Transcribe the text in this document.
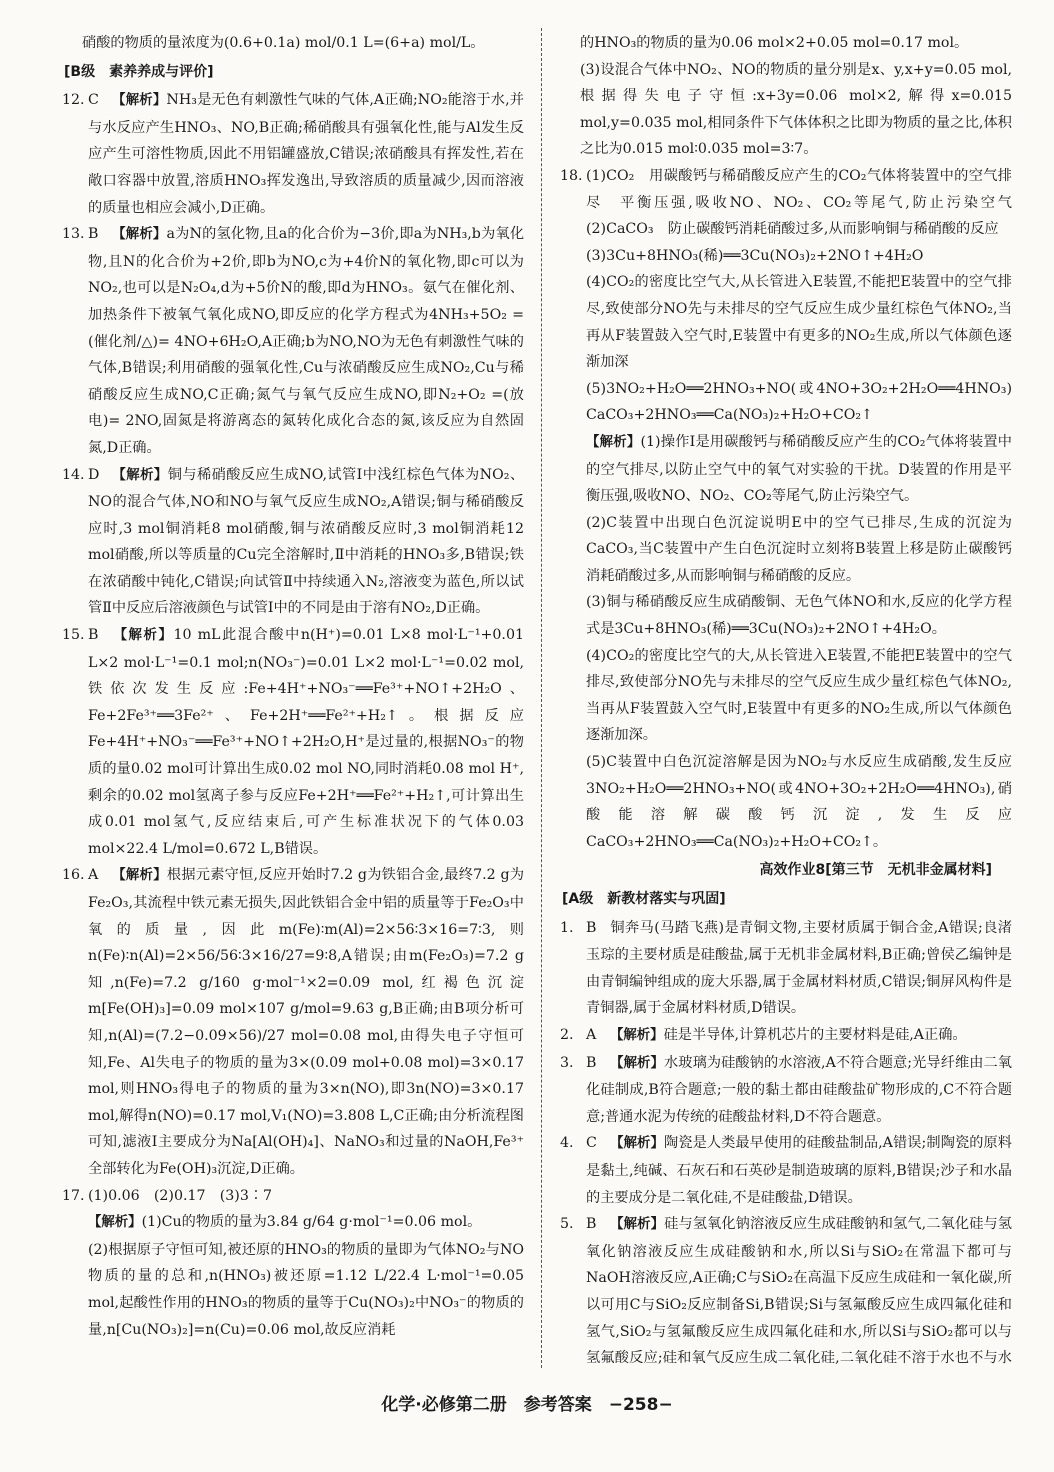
硝酸的物质的量浓度为(0.6+0.1a) mol/0.1 L=(6+a) mol/L。

[B级　素养养成与评价]
12. C 【解析】NH₃是无色有刺激性气味的气体,A正确;NO₂能溶于水,并与水反应产生HNO₃、NO,B正确;稀硝酸具有强氧化性,能与Al发生反应产生可溶性物质,因此不用铝罐盛放,C错误;浓硝酸具有挥发性,若在敞口容器中放置,溶质HNO₃挥发逸出,导致溶质的质量减少,因而溶液的质量也相应会减小,D正确。
13. B 【解析】a为N的氢化物,且a的化合价为−3价,即a为NH₃,b为氧化物,且N的化合价为+2价,即b为NO,c为+4价N的氧化物,即c可以为NO₂,也可以是N₂O₄,d为+5价N的酸,即d为HNO₃。氨气在催化剂、加热条件下被氧气氧化成NO,即反应的化学方程式为4NH₃+5O₂ =(催化剂/△)= 4NO+6H₂O,A正确;b为NO,NO为无色有刺激性气味的气体,B错误;利用硝酸的强氧化性,Cu与浓硝酸反应生成NO₂,Cu与稀硝酸反应生成NO,C正确;氮气与氧气反应生成NO,即N₂+O₂ =(放电)= 2NO,固氮是将游离态的氮转化成化合态的氮,该反应为自然固氮,D正确。
14. D 【解析】铜与稀硝酸反应生成NO,试管Ⅰ中浅红棕色气体为NO₂、NO的混合气体,NO和NO与氧气反应生成NO₂,A错误;铜与稀硝酸反应时,3 mol铜消耗8 mol硝酸,铜与浓硝酸反应时,3 mol铜消耗12 mol硝酸,所以等质量的Cu完全溶解时,Ⅱ中消耗的HNO₃多,B错误;铁在浓硝酸中钝化,C错误;向试管Ⅱ中持续通入N₂,溶液变为蓝色,所以试管Ⅱ中反应后溶液颜色与试管Ⅰ中的不同是由于溶有NO₂,D正确。
15. B 【解析】10 mL此混合酸中n(H⁺)=0.01 L×8 mol·L⁻¹+0.01 L×2 mol·L⁻¹=0.1 mol;n(NO₃⁻)=0.01 L×2 mol·L⁻¹=0.02 mol,铁依次发生反应:Fe+4H⁺+NO₃⁻══Fe³⁺+NO↑+2H₂O、Fe+2Fe³⁺══3Fe²⁺、Fe+2H⁺══Fe²⁺+H₂↑。根据反应Fe+4H⁺+NO₃⁻══Fe³⁺+NO↑+2H₂O,H⁺是过量的,根据NO₃⁻的物质的量0.02 mol可计算出生成0.02 mol NO,同时消耗0.08 mol H⁺,剩余的0.02 mol氢离子参与反应Fe+2H⁺══Fe²⁺+H₂↑,可计算出生成0.01 mol氢气,反应结束后,可产生标准状况下的气体0.03 mol×22.4 L/mol=0.672 L,B错误。
16. A 【解析】根据元素守恒,反应开始时7.2 g为铁铝合金,最终7.2 g为Fe₂O₃,其流程中铁元素无损失,因此铁铝合金中铝的质量等于Fe₂O₃中氧的质量,因此m(Fe)∶m(Al)=2×56∶3×16=7∶3,则n(Fe)∶n(Al)=2×56/56∶3×16/27=9∶8,A错误;由m(Fe₂O₃)=7.2 g知,n(Fe)=7.2 g/160 g·mol⁻¹×2=0.09 mol,红褐色沉淀m[Fe(OH)₃]=0.09 mol×107 g/mol=9.63 g,B正确;由B项分析可知,n(Al)=(7.2−0.09×56)/27 mol=0.08 mol,由得失电子守恒可知,Fe、Al失电子的物质的量为3×(0.09 mol+0.08 mol)=3×0.17 mol,则HNO₃得电子的物质的量为3×n(NO),即3n(NO)=3×0.17 mol,解得n(NO)=0.17 mol,V₁(NO)=3.808 L,C正确;由分析流程图可知,滤液Ⅰ主要成分为Na[Al(OH)₄]、NaNO₃和过量的NaOH,Fe³⁺全部转化为Fe(OH)₃沉淀,D正确。
17. (1)0.06　(2)0.17　(3)3∶7

【解析】(1)Cu的物质的量为3.84 g/64 g·mol⁻¹=0.06 mol。

(2)根据原子守恒可知,被还原的HNO₃的物质的量即为气体NO₂与NO物质的量的总和,n(HNO₃)被还原=1.12 L/22.4 L·mol⁻¹=0.05 mol,起酸性作用的HNO₃的物质的量等于Cu(NO₃)₂中NO₃⁻的物质的量,n[Cu(NO₃)₂]=n(Cu)=0.06 mol,故反应消耗

的HNO₃的物质的量为0.06 mol×2+0.05 mol=0.17 mol。

(3)设混合气体中NO₂、NO的物质的量分别是x、y,x+y=0.05 mol,根据得失电子守恒:x+3y=0.06 mol×2,解得x=0.015 mol,y=0.035 mol,相同条件下气体体积之比即为物质的量之比,体积之比为0.015 mol∶0.035 mol=3∶7。

18. (1)CO₂　用碳酸钙与稀硝酸反应产生的CO₂气体将装置中的空气排尽　平衡压强,吸收NO、NO₂、CO₂等尾气,防止污染空气　(2)CaCO₃　防止碳酸钙消耗硝酸过多,从而影响铜与稀硝酸的反应

(3)3Cu+8HNO₃(稀)══3Cu(NO₃)₂+2NO↑+4H₂O

(4)CO₂的密度比空气大,从长管进入E装置,不能把E装置中的空气排尽,致使部分NO先与未排尽的空气反应生成少量红棕色气体NO₂,当再从F装置鼓入空气时,E装置中有更多的NO₂生成,所以气体颜色逐渐加深

(5)3NO₂+H₂O══2HNO₃+NO(或4NO+3O₂+2H₂O══4HNO₃)　CaCO₃+2HNO₃══Ca(NO₃)₂+H₂O+CO₂↑

【解析】(1)操作Ⅰ是用碳酸钙与稀硝酸反应产生的CO₂气体将装置中的空气排尽,以防止空气中的氧气对实验的干扰。D装置的作用是平衡压强,吸收NO、NO₂、CO₂等尾气,防止污染空气。

(2)C装置中出现白色沉淀说明E中的空气已排尽,生成的沉淀为CaCO₃,当C装置中产生白色沉淀时立刻将B装置上移是防止碳酸钙消耗硝酸过多,从而影响铜与稀硝酸的反应。

(3)铜与稀硝酸反应生成硝酸铜、无色气体NO和水,反应的化学方程式是3Cu+8HNO₃(稀)══3Cu(NO₃)₂+2NO↑+4H₂O。

(4)CO₂的密度比空气的大,从长管进入E装置,不能把E装置中的空气排尽,致使部分NO先与未排尽的空气反应生成少量红棕色气体NO₂,当再从F装置鼓入空气时,E装置中有更多的NO₂生成,所以气体颜色逐渐加深。

(5)C装置中白色沉淀溶解是因为NO₂与水反应生成硝酸,发生反应3NO₂+H₂O══2HNO₃+NO(或4NO+3O₂+2H₂O══4HNO₃),硝酸能溶解碳酸钙沉淀,发生反应CaCO₃+2HNO₃══Ca(NO₃)₂+H₂O+CO₂↑。

高效作业8[第三节　无机非金属材料]
[A级　新教材落实与巩固]
1. B 铜奔马(马踏飞燕)是青铜文物,主要材质属于铜合金,A错误;良渚玉琮的主要材质是硅酸盐,属于无机非金属材料,B正确;曾侯乙编钟是由青铜编钟组成的庞大乐器,属于金属材料材质,C错误;铜屏风构件是青铜器,属于金属材料材质,D错误。
2. A 【解析】硅是半导体,计算机芯片的主要材料是硅,A正确。
3. B 【解析】水玻璃为硅酸钠的水溶液,A不符合题意;光导纤维由二氧化硅制成,B符合题意;一般的黏土都由硅酸盐矿物形成的,C不符合题意;普通水泥为传统的硅酸盐材料,D不符合题意。
4. C 【解析】陶瓷是人类最早使用的硅酸盐制品,A错误;制陶瓷的原料是黏土,纯碱、石灰石和石英砂是制造玻璃的原料,B错误;沙子和水晶的主要成分是二氧化硅,不是硅酸盐,D错误。
5. B 【解析】硅与氢氧化钠溶液反应生成硅酸钠和氢气,二氧化硅与氢氧化钠溶液反应生成硅酸钠和水,所以Si与SiO₂在常温下都可与NaOH溶液反应,A正确;C与SiO₂在高温下反应生成硅和一氧化碳,所以可用C与SiO₂反应制备Si,B错误;Si与氢氟酸反应生成四氟化硅和氢气,SiO₂与氢氟酸反应生成四氟化硅和水,所以Si与SiO₂都可以与氢氟酸反应;硅和氧气反应生成二氧化硅,二氧化硅不溶于水也不与水
化学·必修第二册　参考答案　−258−
